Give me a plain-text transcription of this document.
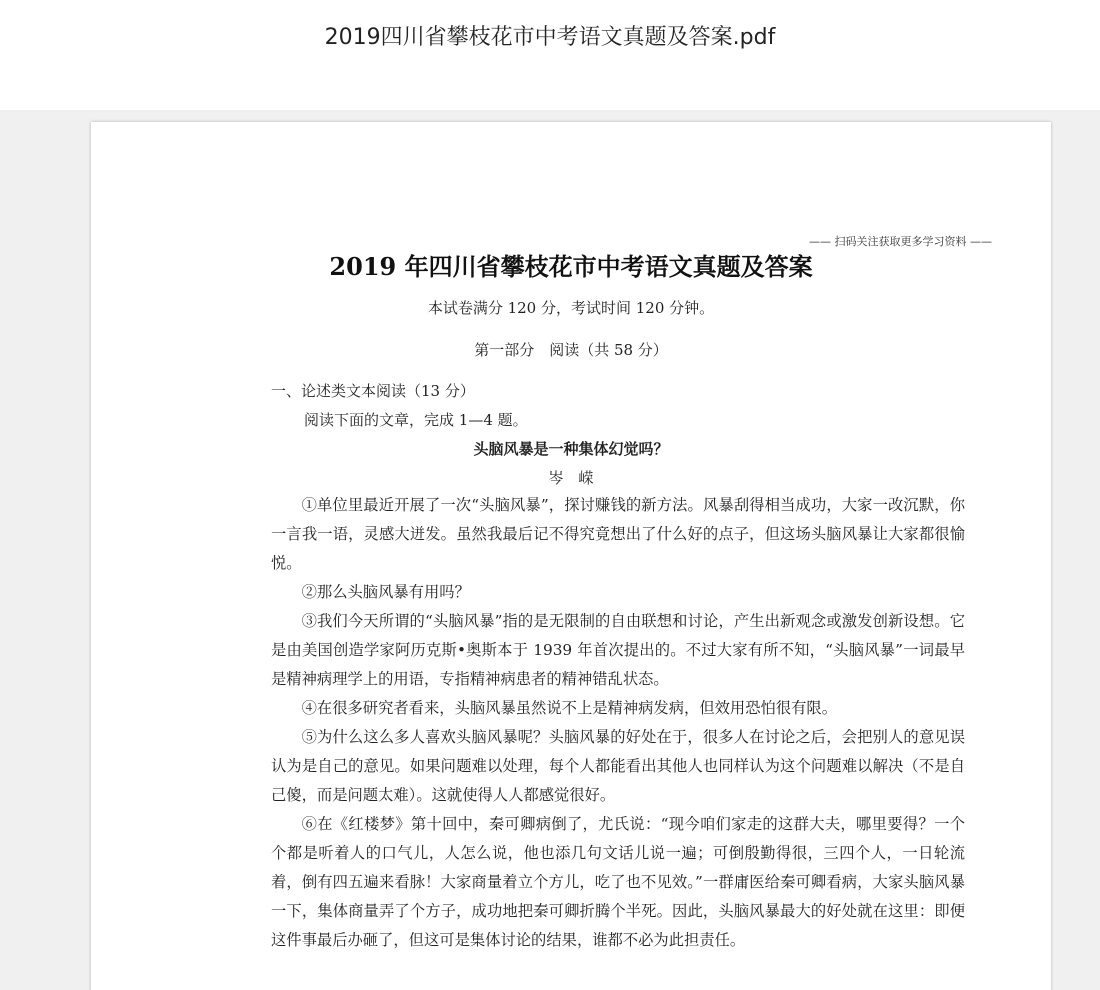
2019四川省攀枝花市中考语文真题及答案.pdf
—— 扫码关注获取更多学习资料 ——
2019 年四川省攀枝花市中考语文真题及答案
本试卷满分 120 分，考试时间 120 分钟。
第一部分　阅读（共 58 分）
一、论述类文本阅读（13 分）
阅读下面的文章，完成 1—4 题。
头脑风暴是一种集体幻觉吗？
岑　嵘
①单位里最近开展了一次“头脑风暴”，探讨赚钱的新方法。风暴刮得相当成功，大家一改沉默，你一言我一语，灵感大迸发。虽然我最后记不得究竟想出了什么好的点子，但这场头脑风暴让大家都很愉悦。
②那么头脑风暴有用吗？
③我们今天所谓的“头脑风暴”指的是无限制的自由联想和讨论，产生出新观念或激发创新设想。它是由美国创造学家阿历克斯•奥斯本于 1939 年首次提出的。不过大家有所不知，“头脑风暴”一词最早是精神病理学上的用语，专指精神病患者的精神错乱状态。
④在很多研究者看来，头脑风暴虽然说不上是精神病发病，但效用恐怕很有限。
⑤为什么这么多人喜欢头脑风暴呢？头脑风暴的好处在于，很多人在讨论之后，会把别人的意见误认为是自己的意见。如果问题难以处理，每个人都能看出其他人也同样认为这个问题难以解决（不是自己傻，而是问题太难）。这就使得人人都感觉很好。
⑥在《红楼梦》第十回中，秦可卿病倒了，尤氏说：“现今咱们家走的这群大夫，哪里要得？一个个都是听着人的口气儿，人怎么说，他也添几句文话儿说一遍；可倒殷勤得很，三四个人，一日轮流着，倒有四五遍来看脉！大家商量着立个方儿，吃了也不见效。”一群庸医给秦可卿看病，大家头脑风暴一下，集体商量弄了个方子，成功地把秦可卿折腾个半死。因此，头脑风暴最大的好处就在这里：即便这件事最后办砸了，但这可是集体讨论的结果，谁都不必为此担责任。
